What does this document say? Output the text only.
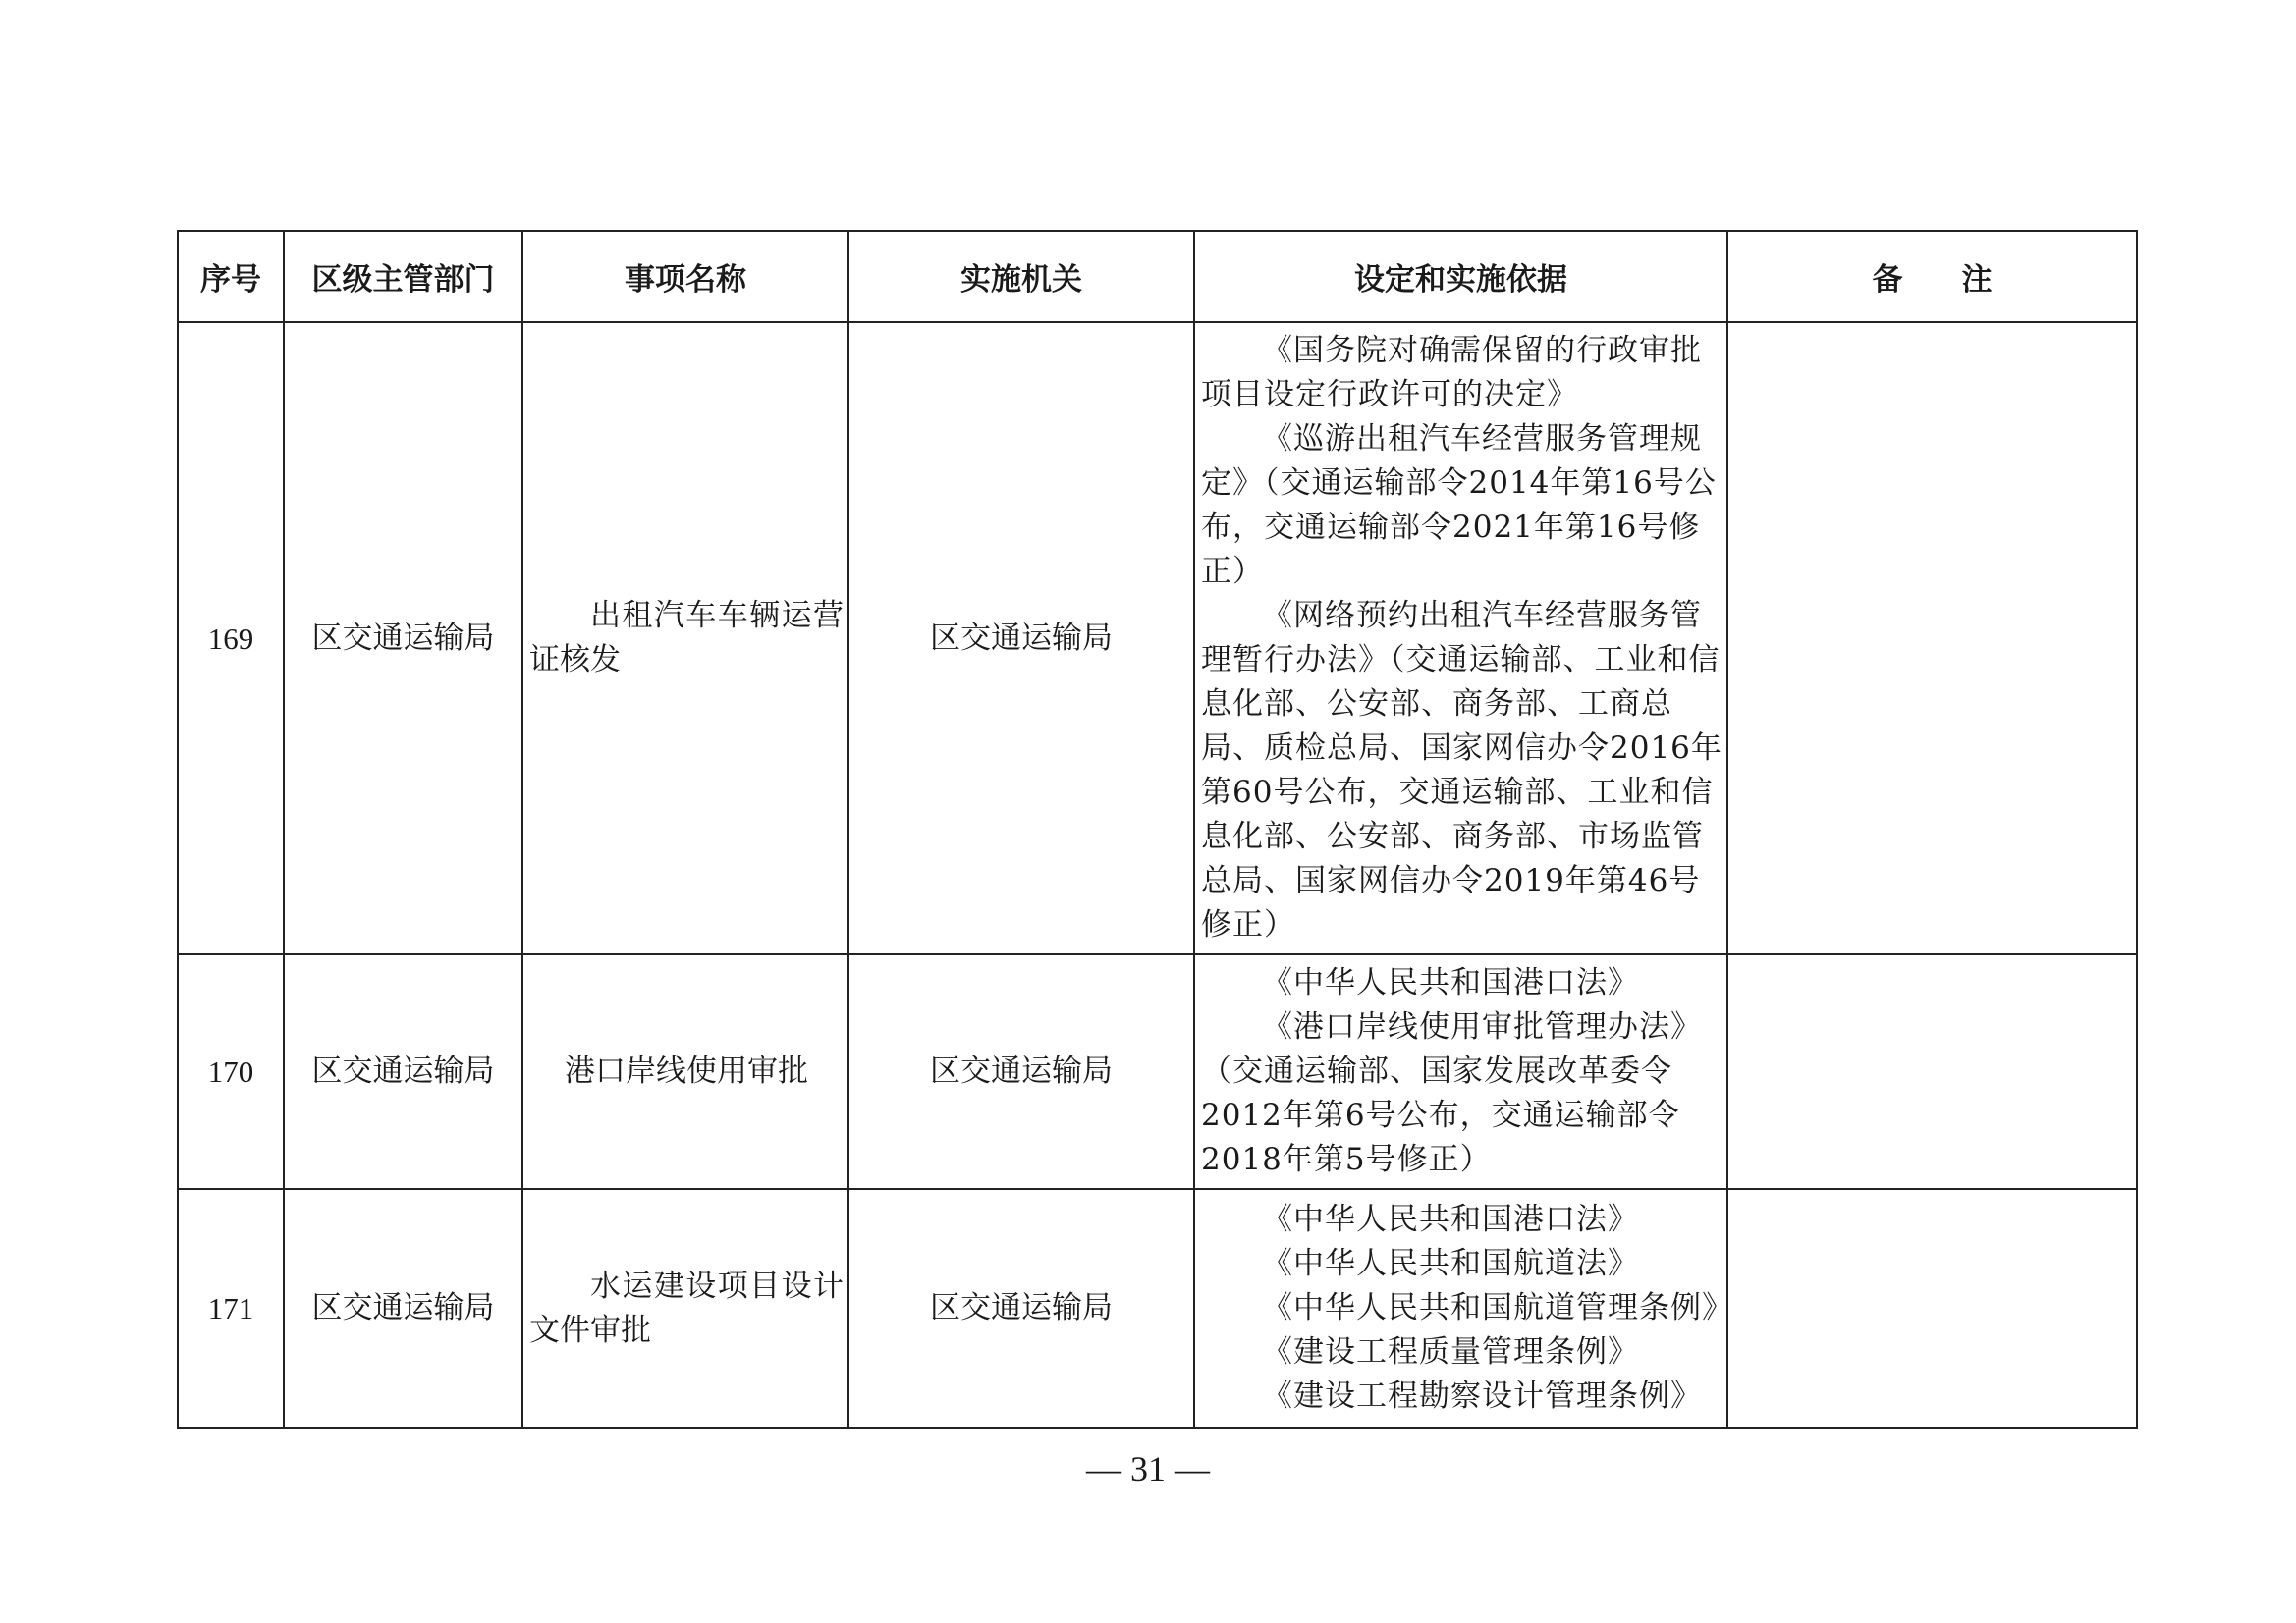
序号	区级主管部门	事项名称	实施机关	设定和实施依据	备注
169	区交通运输局	出租汽车车辆运营证核发	区交通运输局	《国务院对确需保留的行政审批项目设定行政许可的决定》
《巡游出租汽车经营服务管理规定》（交通运输部令2014年第16号公布，交通运输部令2021年第16号修正）
《网络预约出租汽车经营服务管理暂行办法》（交通运输部、工业和信息化部、公安部、商务部、工商总局、质检总局、国家网信办令2016年第60号公布，交通运输部、工业和信息化部、公安部、商务部、市场监管总局、国家网信办令2019年第46号修正）	

170	区交通运输局	港口岸线使用审批	区交通运输局	《中华人民共和国港口法》
《港口岸线使用审批管理办法》
（交通运输部、国家发展改革委令2012年第6号公布，交通运输部令2018年第5号修正）	

171	区交通运输局	水运建设项目设计文件审批	区交通运输局	《中华人民共和国港口法》
《中华人民共和国航道法》
《中华人民共和国航道管理条例》
《建设工程质量管理条例》
《建设工程勘察设计管理条例》	

— 31 —
